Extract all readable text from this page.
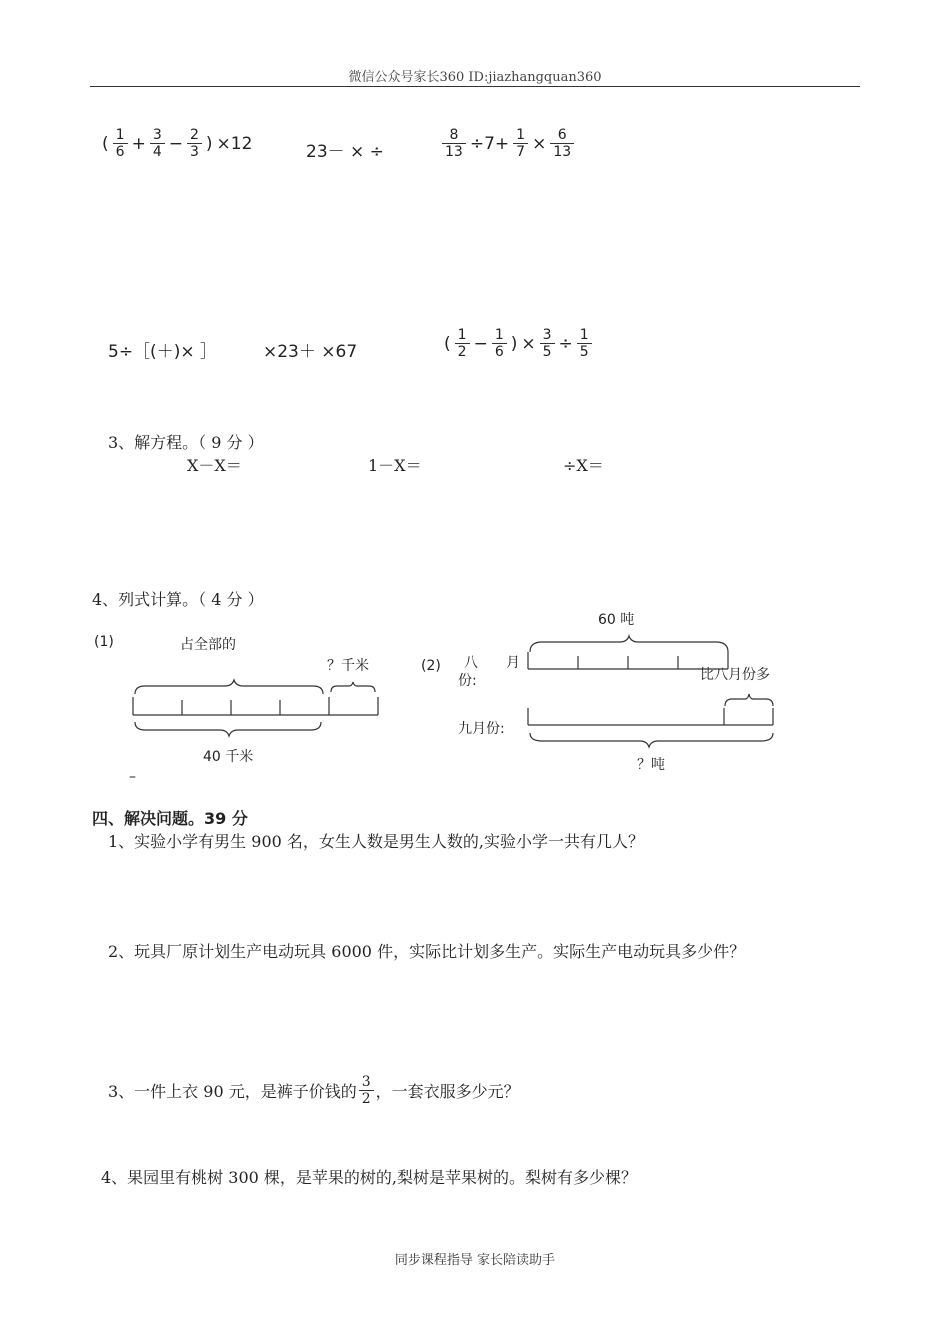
微信公众号家长360 ID:jiazhangquan360
( $\frac{1}{6} + \frac{3}{4} - \frac{2}{3}$ ) ×12	23－ × ÷	$\frac{8}{13} \div 7+ \frac{1}{7} \times \frac{6}{13}$
5÷［(＋)× ］	×23＋ ×67	( $\frac{1}{2} - \frac{1}{6}$ ) × $\frac{3}{5} \div \frac{1}{5}$
3、解方程。（ 9 分 ）
X－X＝	1－X＝	÷X＝
4、列式计算。（ 4 分 ）
(1)	占全部的
？千米
40 千米
–
60 吨
(2) 八　　月
份:	比八月份多
九月份:
？吨
四、解决问题。39 分
1、实验小学有男生 900 名，女生人数是男生人数的,实验小学一共有几人？
2、玩具厂原计划生产电动玩具 6000 件，实际比计划多生产。实际生产电动玩具多少件？
3、一件上衣 90 元，是裤子价钱的 $\frac{3}{2}$ ，一套衣服多少元？
4、果园里有桃树 300 棵，是苹果的树的,梨树是苹果树的。梨树有多少棵？
同步课程指导 家长陪读助手
